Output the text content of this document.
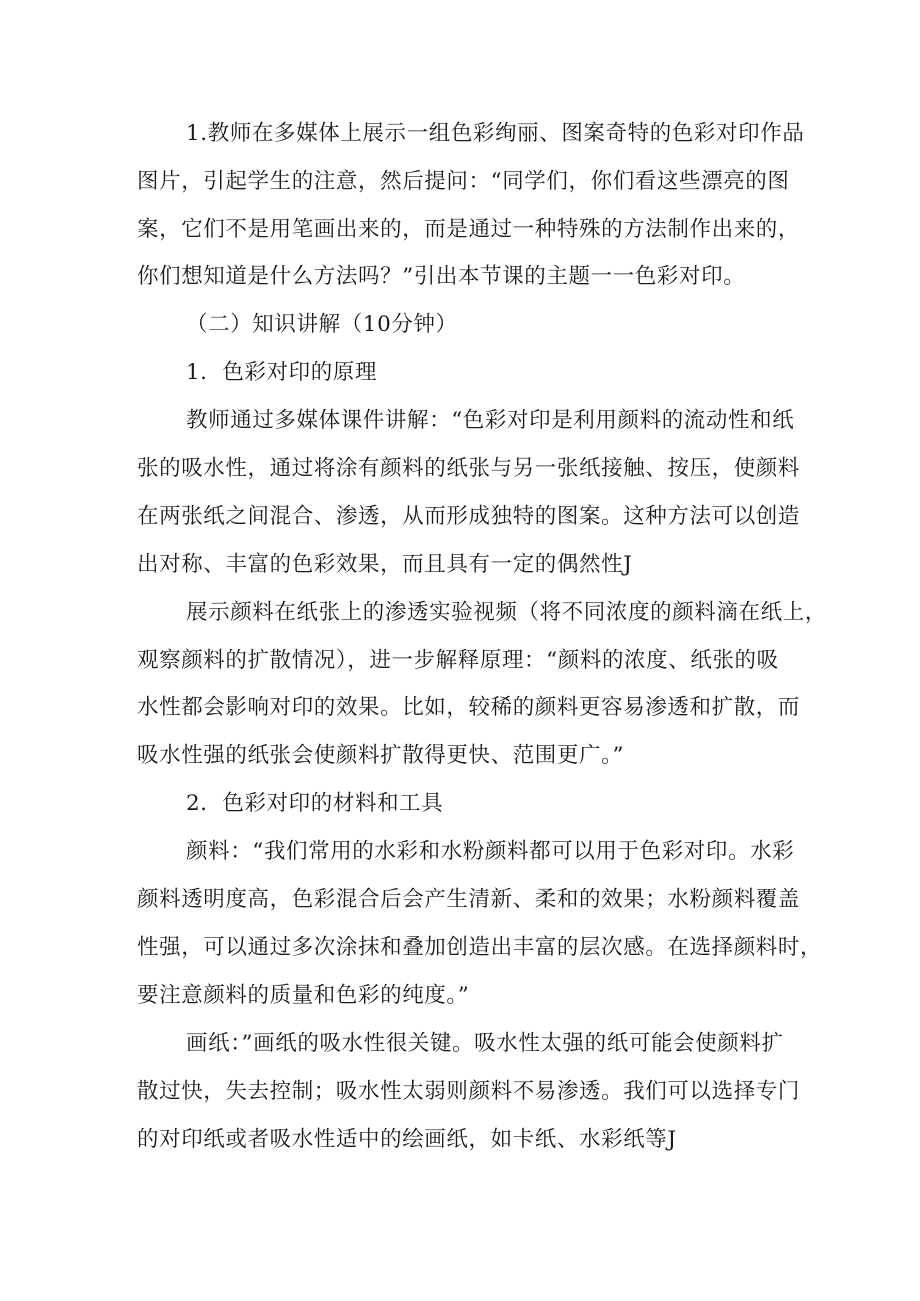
1.教师在多媒体上展示一组色彩绚丽、图案奇特的色彩对印作品
图片，引起学生的注意，然后提问：“同学们，你们看这些漂亮的图
案，它们不是用笔画出来的，而是通过一种特殊的方法制作出来的，
你们想知道是什么方法吗？”引出本节课的主题一一色彩对印。
（二）知识讲解（10分钟）
1．色彩对印的原理
教师通过多媒体课件讲解：“色彩对印是利用颜料的流动性和纸
张的吸水性，通过将涂有颜料的纸张与另一张纸接触、按压，使颜料
在两张纸之间混合、渗透，从而形成独特的图案。这种方法可以创造
出对称、丰富的色彩效果，而且具有一定的偶然性J
展示颜料在纸张上的渗透实验视频（将不同浓度的颜料滴在纸上，
观察颜料的扩散情况），进一步解释原理：“颜料的浓度、纸张的吸
水性都会影响对印的效果。比如，较稀的颜料更容易渗透和扩散，而
吸水性强的纸张会使颜料扩散得更快、范围更广。”
2．色彩对印的材料和工具
颜料：“我们常用的水彩和水粉颜料都可以用于色彩对印。水彩
颜料透明度高，色彩混合后会产生清新、柔和的效果；水粉颜料覆盖
性强，可以通过多次涂抹和叠加创造出丰富的层次感。在选择颜料时，
要注意颜料的质量和色彩的纯度。”
画纸：”画纸的吸水性很关键。吸水性太强的纸可能会使颜料扩
散过快，失去控制；吸水性太弱则颜料不易渗透。我们可以选择专门
的对印纸或者吸水性适中的绘画纸，如卡纸、水彩纸等J
